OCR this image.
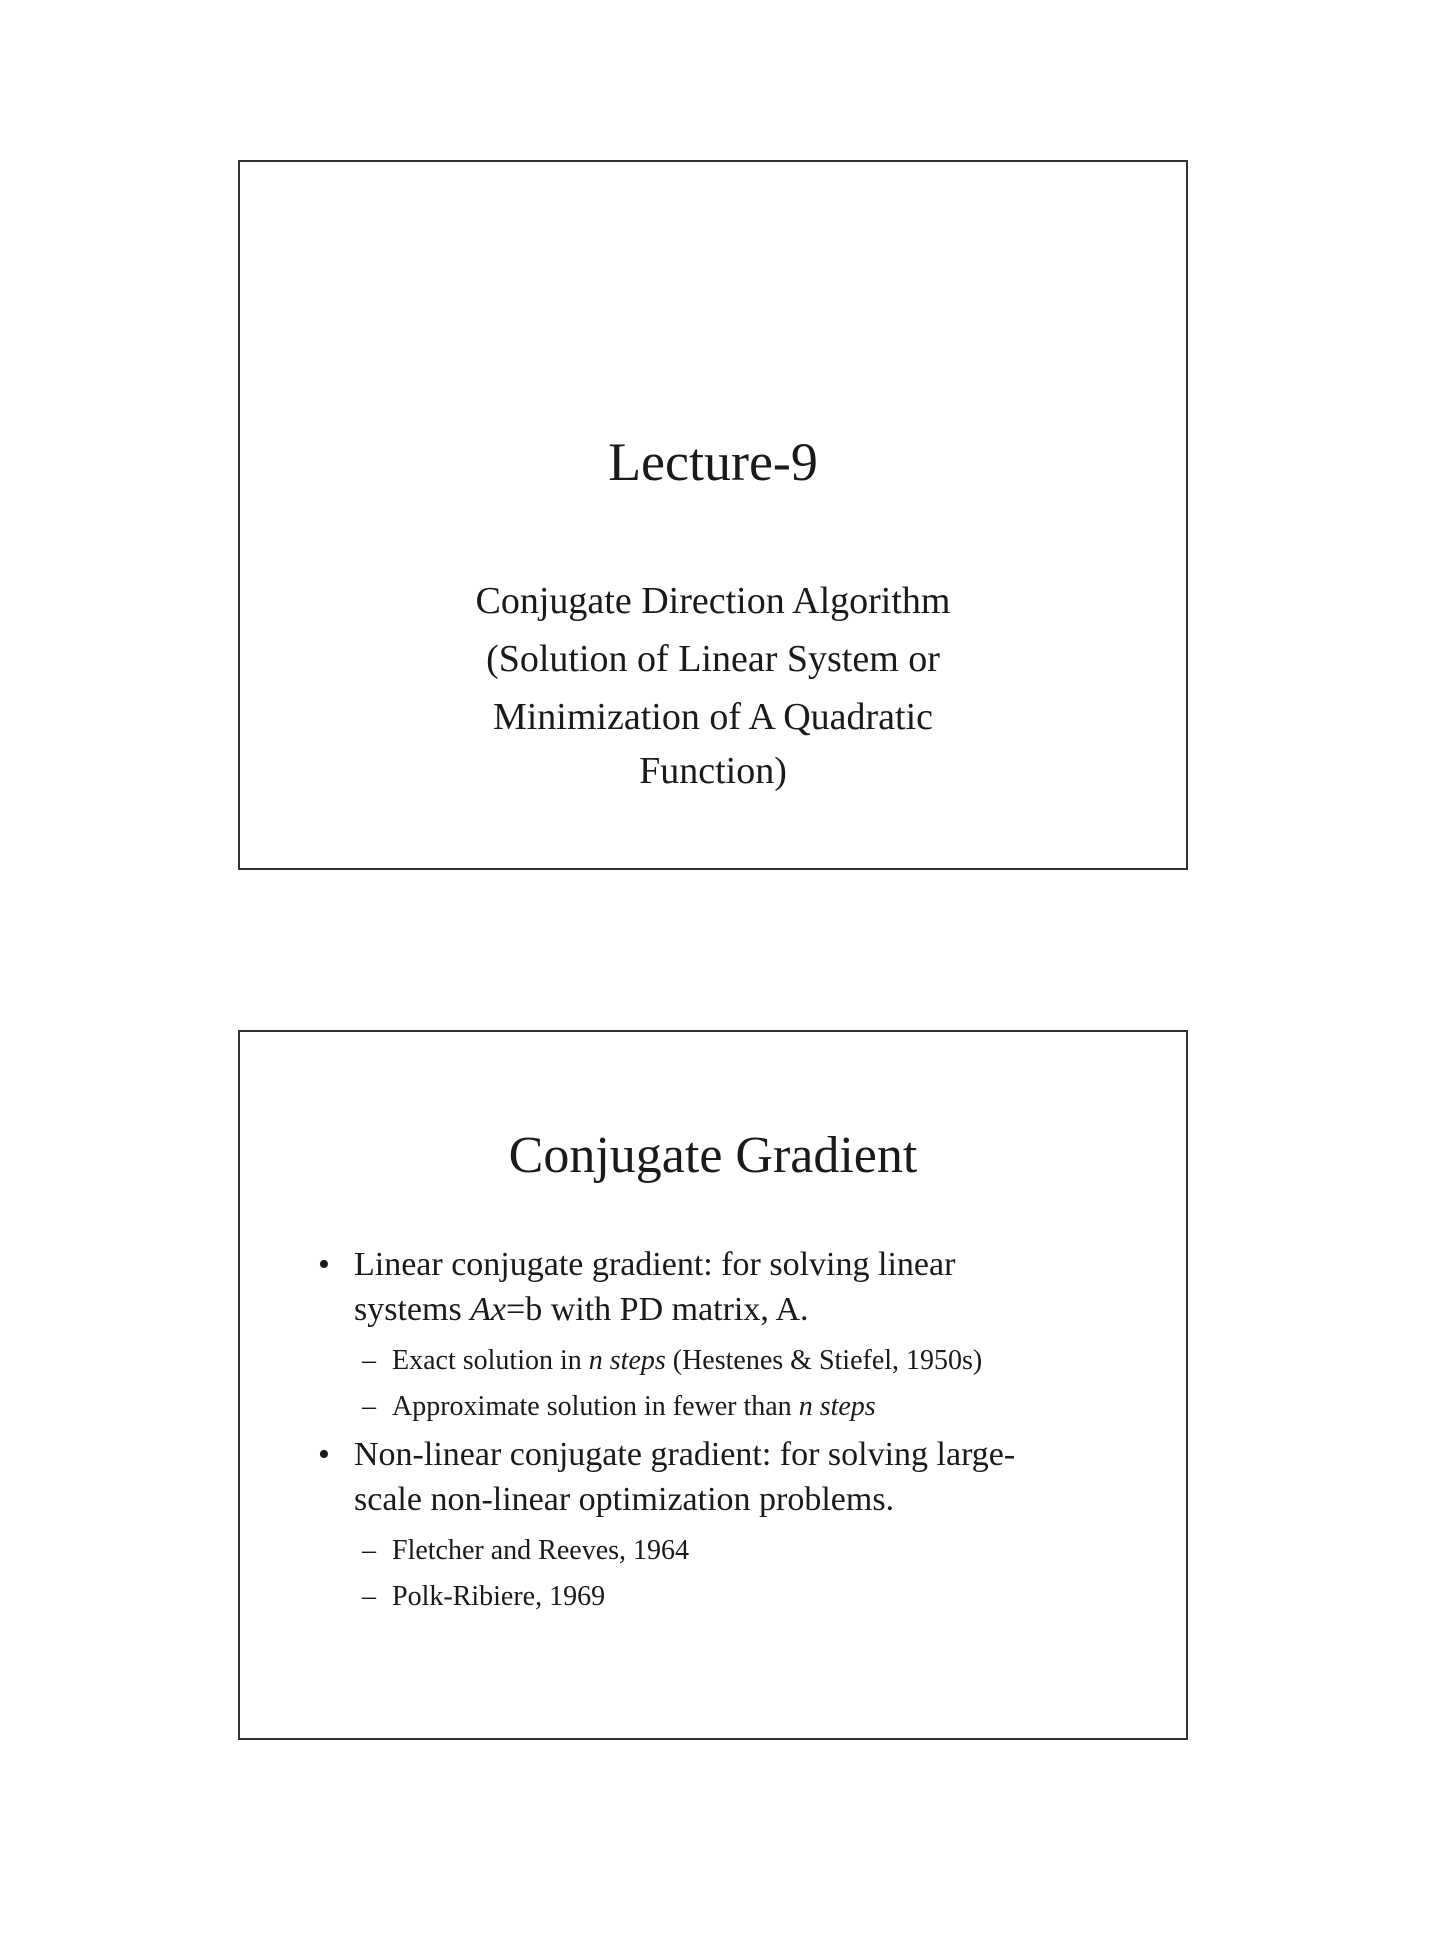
Lecture-9
Conjugate Direction Algorithm
(Solution of Linear System or
Minimization of A Quadratic
Function)
Conjugate Gradient
• Linear conjugate gradient: for solving linear
systems Ax=b with PD matrix, A.
– Exact solution in n steps (Hestenes & Stiefel, 1950s)
– Approximate solution in fewer than n steps
• Non-linear conjugate gradient: for solving large-
scale non-linear optimization problems.
– Fletcher and Reeves, 1964
– Polk-Ribiere, 1969
